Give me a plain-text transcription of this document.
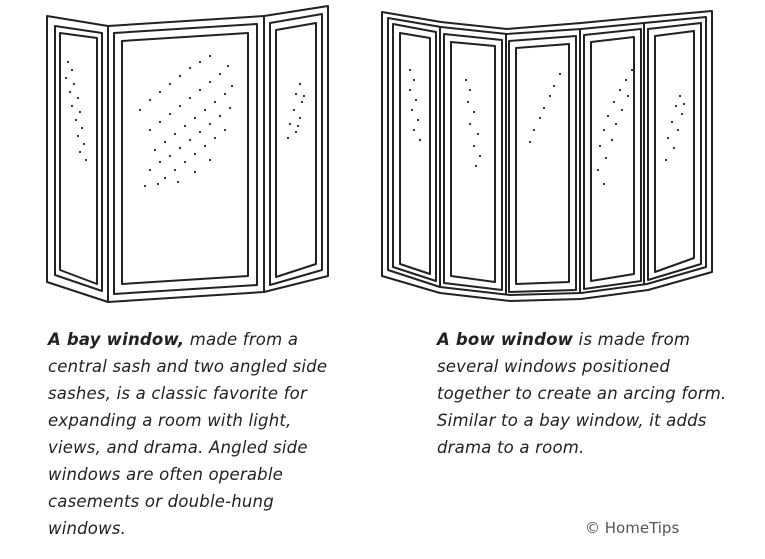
A bay window, made from a central sash and two angled side sashes, is a classic favorite for expanding a room with light, views, and drama. Angled side windows are often operable casements or double-hung windows.
A bow window is made from several windows positioned together to create an arcing form. Similar to a bay window, it adds drama to a room.
© HomeTips
